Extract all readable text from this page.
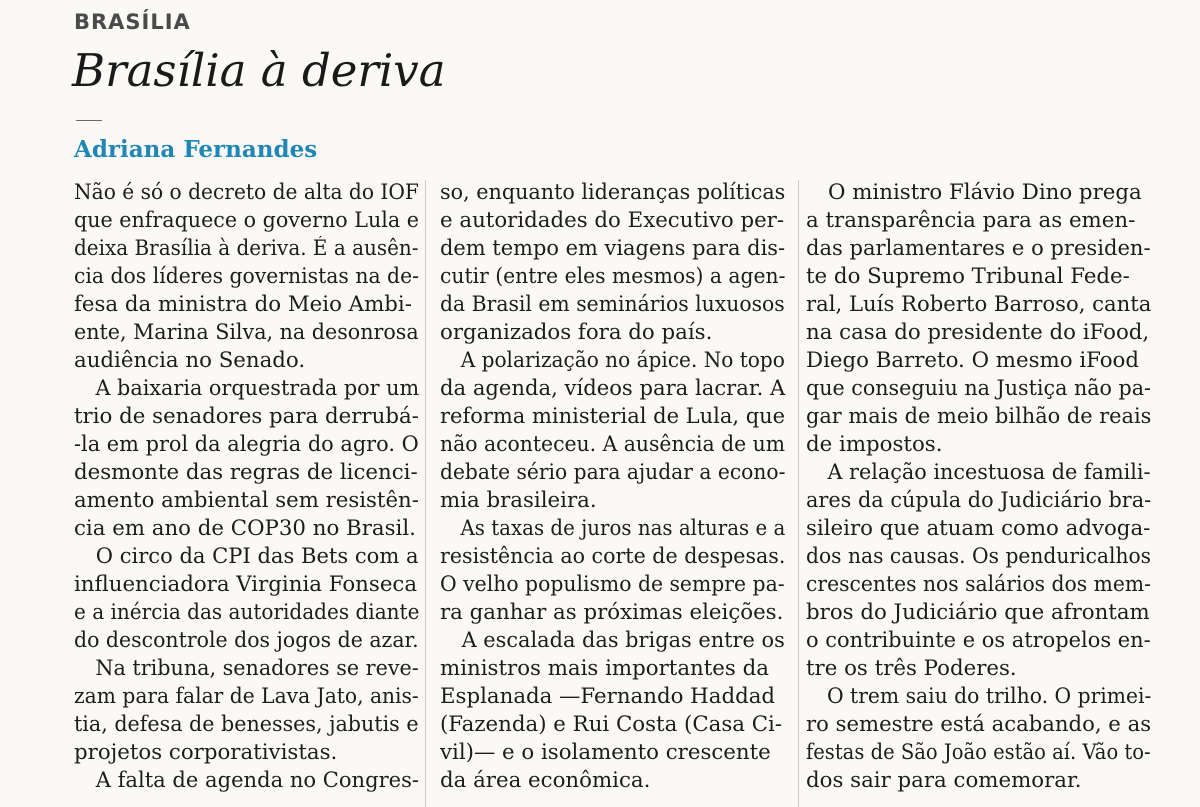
BRASÍLIA
Brasília à deriva
Adriana Fernandes
Não é só o decreto de alta do IOF
que enfraquece o governo Lula e
deixa Brasília à deriva. É a ausên-
cia dos líderes governistas na de-
fesa da ministra do Meio Ambi-
ente, Marina Silva, na desonrosa
audiência no Senado.
A baixaria orquestrada por um
trio de senadores para derrubá-
-la em prol da alegria do agro. O
desmonte das regras de licenci-
amento ambiental sem resistên-
cia em ano de COP30 no Brasil.
O circo da CPI das Bets com a
influenciadora Virginia Fonseca
e a inércia das autoridades diante
do descontrole dos jogos de azar.
Na tribuna, senadores se reve-
zam para falar de Lava Jato, anis-
tia, defesa de benesses, jabutis e
projetos corporativistas.
A falta de agenda no Congres-
so, enquanto lideranças políticas
e autoridades do Executivo per-
dem tempo em viagens para dis-
cutir (entre eles mesmos) a agen-
da Brasil em seminários luxuosos
organizados fora do país.
A polarização no ápice. No topo
da agenda, vídeos para lacrar. A
reforma ministerial de Lula, que
não aconteceu. A ausência de um
debate sério para ajudar a econo-
mia brasileira.
As taxas de juros nas alturas e a
resistência ao corte de despesas.
O velho populismo de sempre pa-
ra ganhar as próximas eleições.
A escalada das brigas entre os
ministros mais importantes da
Esplanada —Fernando Haddad
(Fazenda) e Rui Costa (Casa Ci-
vil)— e o isolamento crescente
da área econômica.
O ministro Flávio Dino prega
a transparência para as emen-
das parlamentares e o presiden-
te do Supremo Tribunal Fede-
ral, Luís Roberto Barroso, canta
na casa do presidente do iFood,
Diego Barreto. O mesmo iFood
que conseguiu na Justiça não pa-
gar mais de meio bilhão de reais
de impostos.
A relação incestuosa de famili-
ares da cúpula do Judiciário bra-
sileiro que atuam como advoga-
dos nas causas. Os penduricalhos
crescentes nos salários dos mem-
bros do Judiciário que afrontam
o contribuinte e os atropelos en-
tre os três Poderes.
O trem saiu do trilho. O primei-
ro semestre está acabando, e as
festas de São João estão aí. Vão to-
dos sair para comemorar.
